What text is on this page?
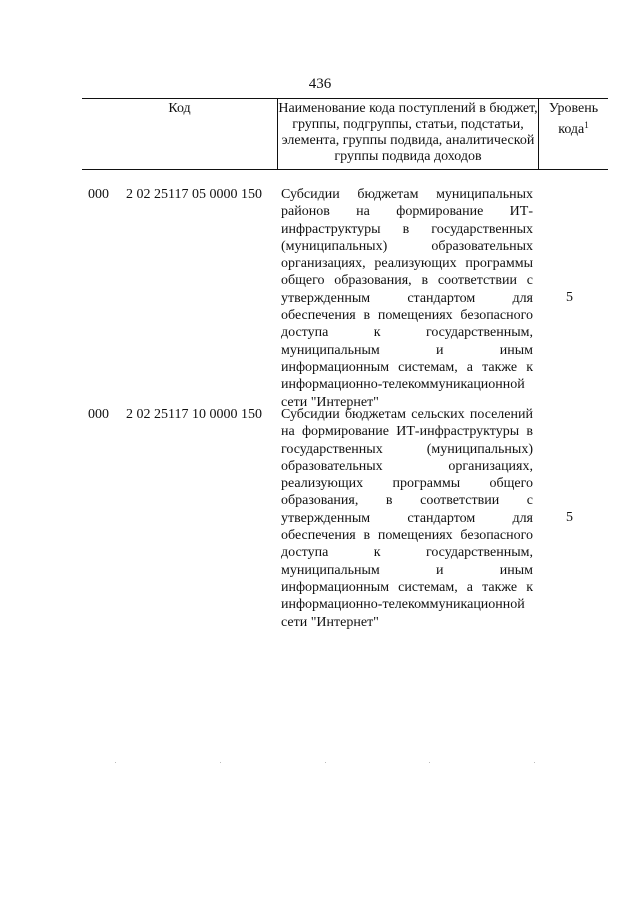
436
Код	Наименование кода поступлений в бюджет, группы, подгруппы, статьи, подстатьи, элемента, группы подвида, аналитической группы подвида доходов
Уровень кода$^1$
000 2 02 25117 05 0000 150 Субсидии бюджетам муниципальных районов на формирование ИТ-инфраструктуры в государственных (муниципальных) образовательных организациях, реализующих программы общего образования, в соответствии с утвержденным стандартом для обеспечения в помещениях безопасного доступа к государственным, муниципальным и иным информационным системам, а также к информационно-телекоммуникационной сети "Интернет"
5
000 2 02 25117 10 0000 150 Субсидии бюджетам сельских поселений на формирование ИТ-инфраструктуры в государственных (муниципальных) образовательных организациях, реализующих программы общего образования, в соответствии с утвержденным стандартом для обеспечения в помещениях безопасного доступа к государственным, муниципальным и иным информационным системам, а также к информационно-телекоммуникационной сети "Интернет"
5
